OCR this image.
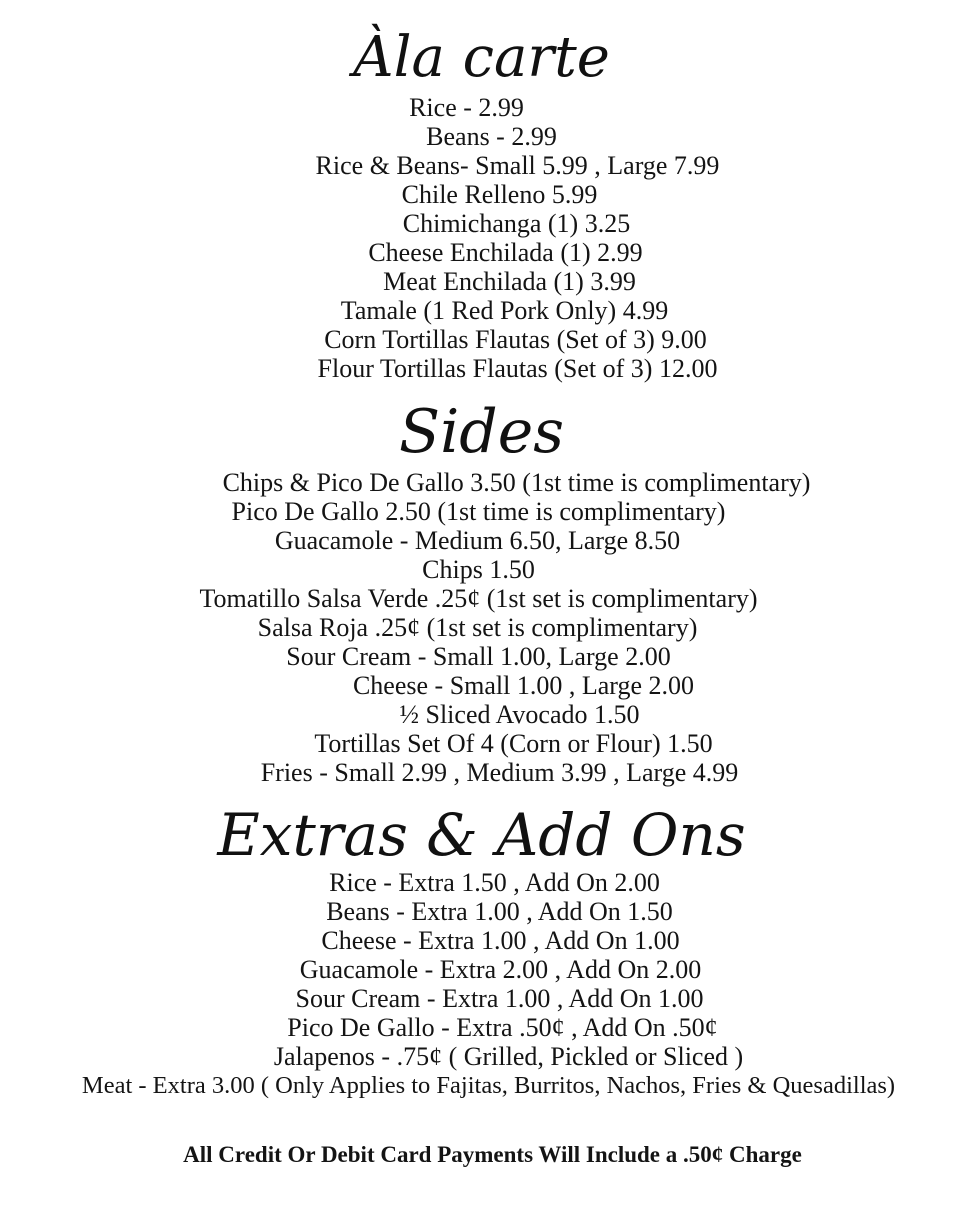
Àla carte
Rice - 2.99
Beans - 2.99
Rice & Beans- Small 5.99 , Large 7.99
Chile Relleno 5.99
Chimichanga (1) 3.25
Cheese Enchilada (1) 2.99
Meat Enchilada (1) 3.99
Tamale (1 Red Pork Only) 4.99
Corn Tortillas Flautas (Set of 3) 9.00
Flour Tortillas Flautas (Set of 3) 12.00
Sides
Chips & Pico De Gallo 3.50 (1st time is complimentary)
Pico De Gallo 2.50 (1st time is complimentary)
Guacamole - Medium 6.50, Large 8.50
Chips 1.50
Tomatillo Salsa Verde .25¢ (1st set is complimentary)
Salsa Roja .25¢ (1st set is complimentary)
Sour Cream - Small 1.00, Large 2.00
Cheese - Small 1.00 , Large 2.00
½ Sliced Avocado 1.50
Tortillas Set Of 4 (Corn or Flour) 1.50
Fries - Small 2.99 , Medium 3.99 , Large 4.99
Extras & Add Ons
Rice - Extra 1.50 , Add On 2.00
Beans - Extra 1.00 , Add On 1.50
Cheese - Extra 1.00 , Add On 1.00
Guacamole - Extra 2.00 , Add On 2.00
Sour Cream - Extra 1.00 , Add On 1.00
Pico De Gallo - Extra .50¢ , Add On .50¢
Jalapenos - .75¢ ( Grilled, Pickled or Sliced )
Meat - Extra 3.00 ( Only Applies to Fajitas, Burritos, Nachos, Fries & Quesadillas)
All Credit Or Debit Card Payments Will Include a .50¢ Charge
